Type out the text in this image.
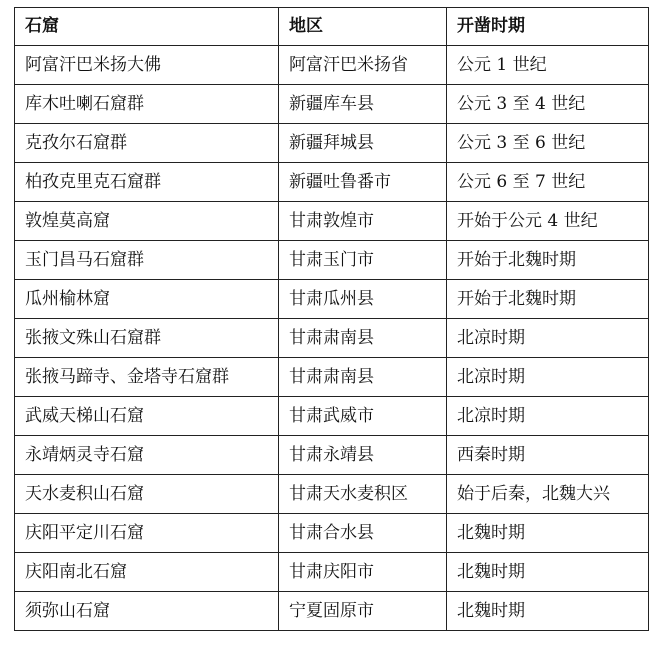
石窟	地区	开凿时期
阿富汗巴米扬大佛	阿富汗巴米扬省	公元 1 世纪
库木吐喇石窟群	新疆库车县	公元 3 至 4 世纪
克孜尔石窟群	新疆拜城县	公元 3 至 6 世纪
柏孜克里克石窟群	新疆吐鲁番市	公元 6 至 7 世纪
敦煌莫高窟	甘肃敦煌市	开始于公元 4 世纪
玉门昌马石窟群	甘肃玉门市	开始于北魏时期
瓜州榆林窟	甘肃瓜州县	开始于北魏时期
张掖文殊山石窟群	甘肃肃南县	北凉时期
张掖马蹄寺、金塔寺石窟群	甘肃肃南县	北凉时期
武威天梯山石窟	甘肃武威市	北凉时期
永靖炳灵寺石窟	甘肃永靖县	西秦时期
天水麦积山石窟	甘肃天水麦积区	始于后秦，北魏大兴
庆阳平定川石窟	甘肃合水县	北魏时期
庆阳南北石窟	甘肃庆阳市	北魏时期
须弥山石窟	宁夏固原市	北魏时期
